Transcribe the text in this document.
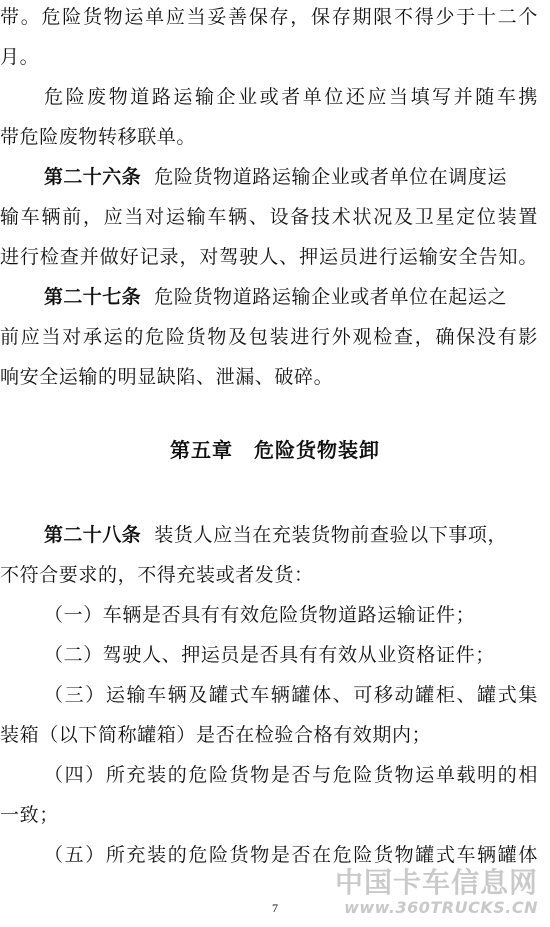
带。危险货物运单应当妥善保存，保存期限不得少于十二个
月。
危险废物道路运输企业或者单位还应当填写并随车携
带危险废物转移联单。
第二十六条 危险货物道路运输企业或者单位在调度运
输车辆前，应当对运输车辆、设备技术状况及卫星定位装置
进行检查并做好记录，对驾驶人、押运员进行运输安全告知。
第二十七条 危险货物道路运输企业或者单位在起运之
前应当对承运的危险货物及包装进行外观检查，确保没有影
响安全运输的明显缺陷、泄漏、破碎。
第五章　危险货物装卸
第二十八条 装货人应当在充装货物前查验以下事项，
不符合要求的，不得充装或者发货：
（一）车辆是否具有有效危险货物道路运输证件；
（二）驾驶人、押运员是否具有有效从业资格证件；
（三）运输车辆及罐式车辆罐体、可移动罐柜、罐式集
装箱（以下简称罐箱）是否在检验合格有效期内；
（四）所充装的危险货物是否与危险货物运单载明的相
一致；
（五）所充装的危险货物是否在危险货物罐式车辆罐体
7
中国卡车信息网
www.360TRUCKS.CN
